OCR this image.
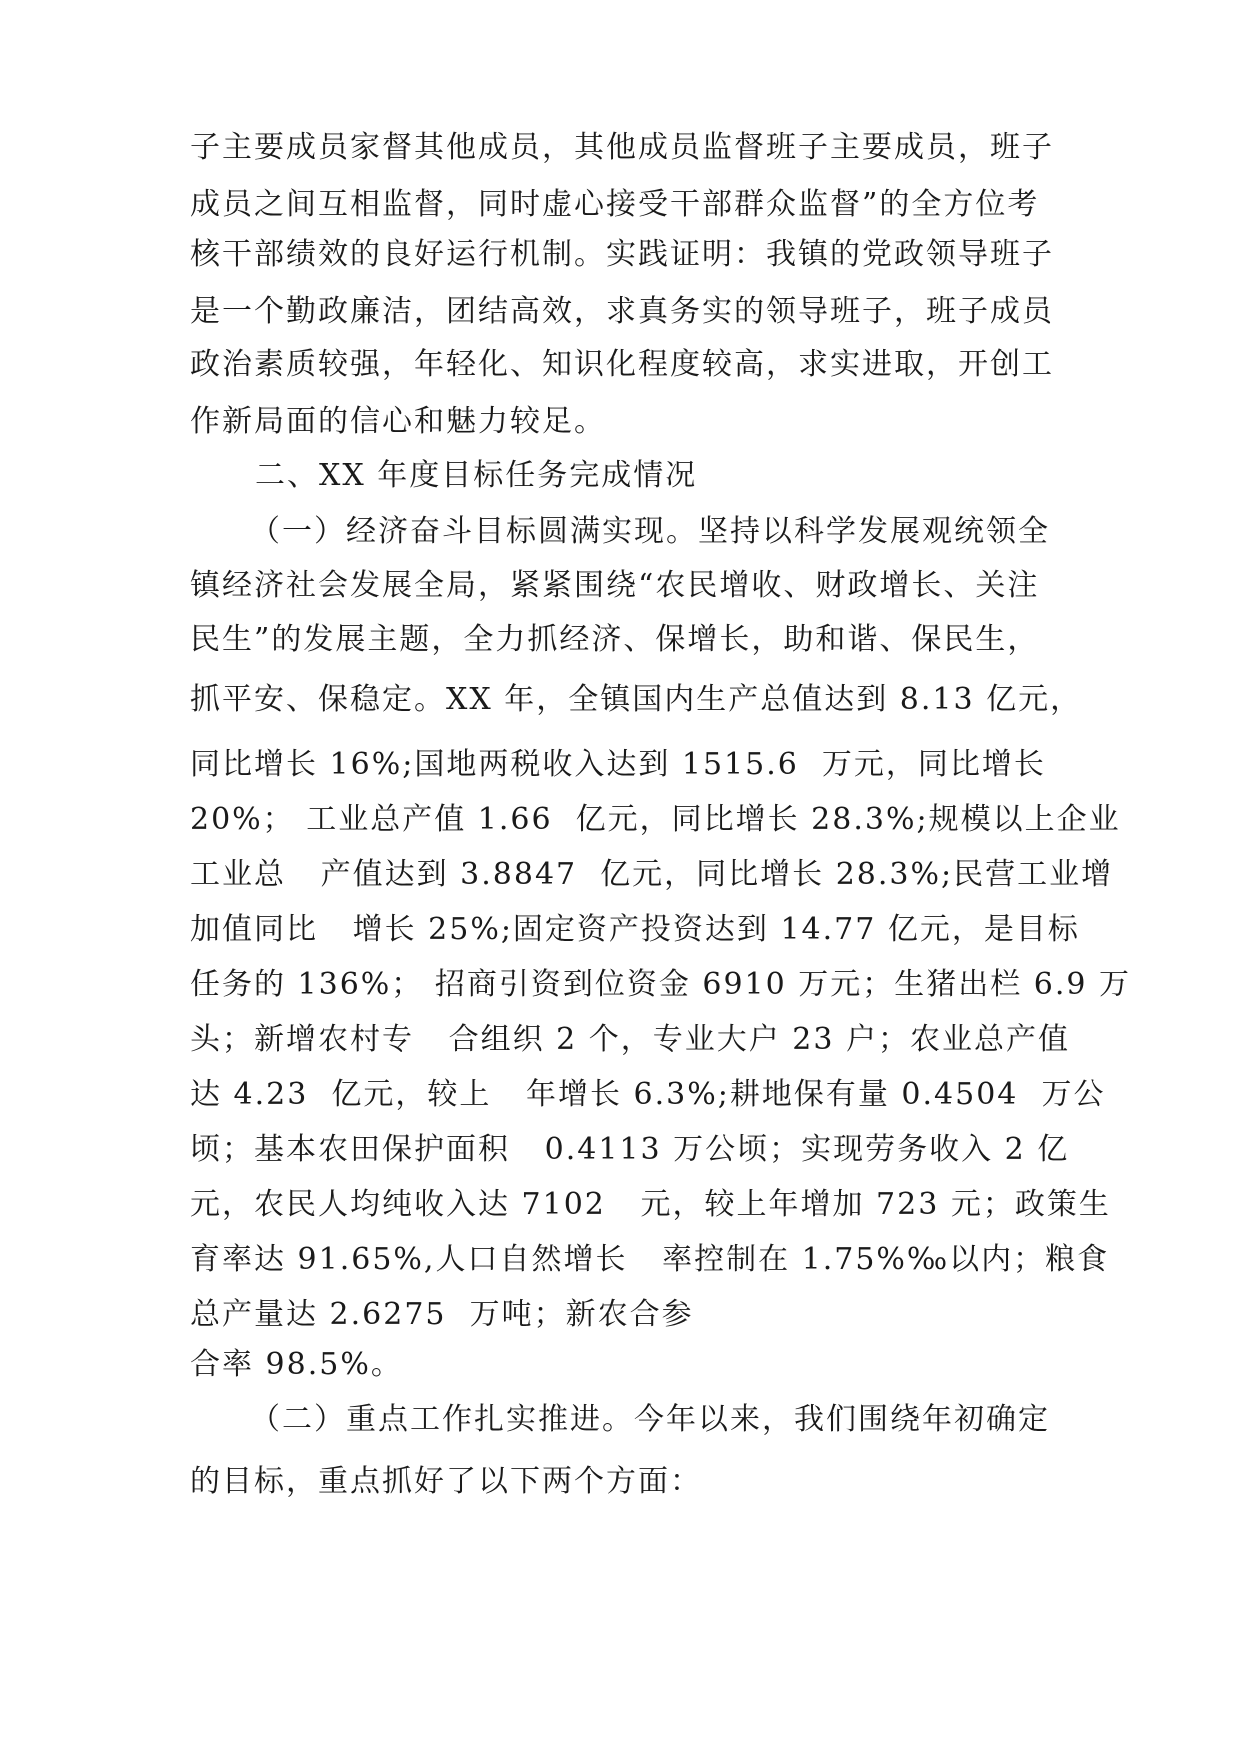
子主要成员家督其他成员，其他成员监督班子主要成员，班子
成员之间互相监督，同时虚心接受干部群众监督”的全方位考
核干部绩效的良好运行机制。实践证明：我镇的党政领导班子
是一个勤政廉洁，团结高效，求真务实的领导班子，班子成员
政治素质较强，年轻化、知识化程度较高，求实进取，开创工
作新局面的信心和魅力较足。
二、XX 年度目标任务完成情况
（一）经济奋斗目标圆满实现。坚持以科学发展观统领全
镇经济社会发展全局，紧紧围绕“农民增收、财政增长、关注
民生”的发展主题，全力抓经济、保增长，助和谐、保民生，
抓平安、保稳定。XX 年，全镇国内生产总值达到 8.13 亿元，
同比增长 16%;国地两税收入达到 1515.6  万元，同比增长
20%； 工业总产值 1.66  亿元，同比增长 28.3%;规模以上企业
工业总   产值达到 3.8847  亿元，同比增长 28.3%;民营工业增
加值同比   增长 25%;固定资产投资达到 14.77 亿元，是目标
任务的 136%； 招商引资到位资金 6910 万元；生猪出栏 6.9 万
头；新增农村专   合组织 2 个，专业大户 23 户；农业总产值
达 4.23  亿元，较上   年增长 6.3%;耕地保有量 0.4504  万公
顷；基本农田保护面积   0.4113 万公顷；实现劳务收入 2 亿
元，农民人均纯收入达 7102   元，较上年增加 723 元；政策生
育率达 91.65%,人口自然增长   率控制在 1.75%‰以内；粮食
总产量达 2.6275  万吨；新农合参
合率 98.5%。
（二）重点工作扎实推进。今年以来，我们围绕年初确定
的目标，重点抓好了以下两个方面：
